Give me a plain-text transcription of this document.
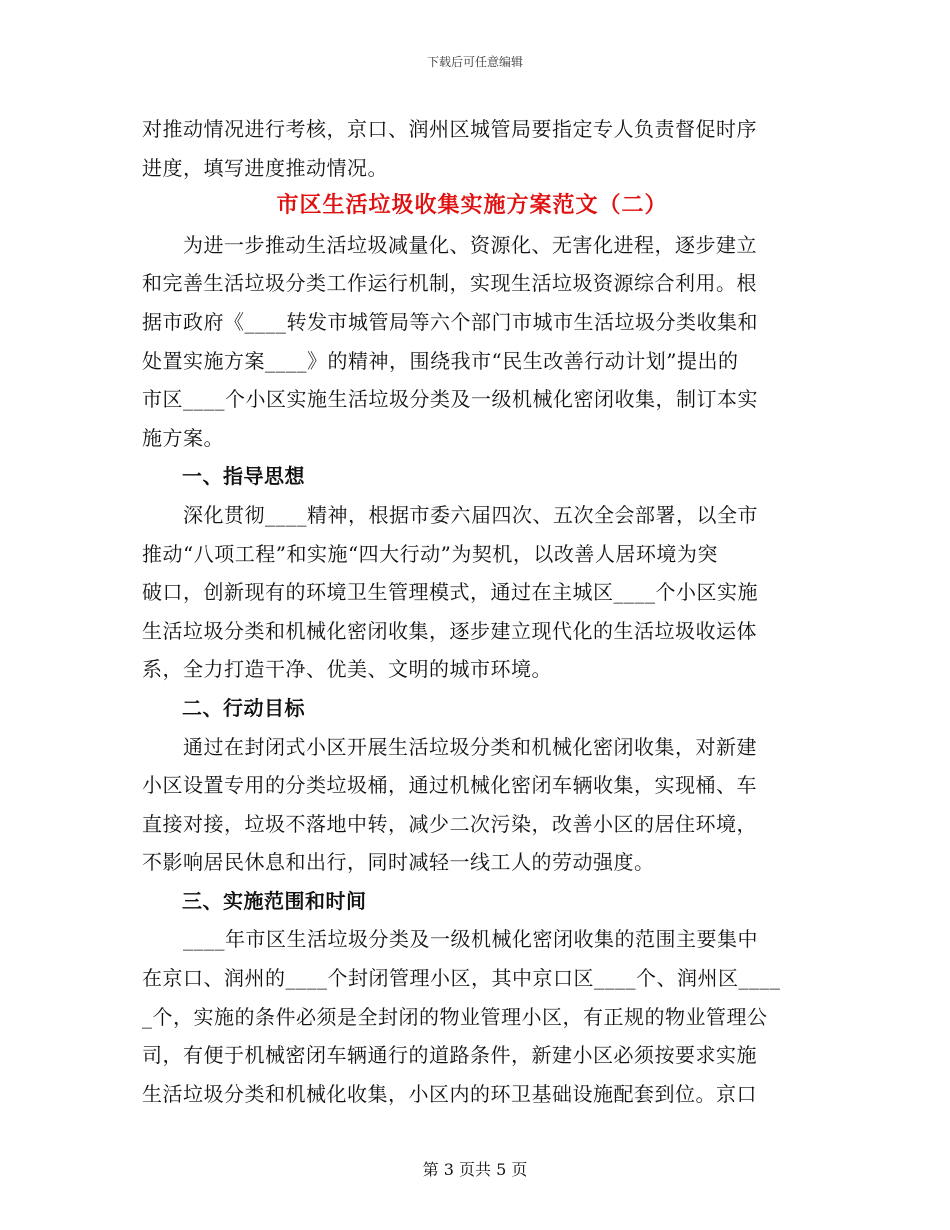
下载后可任意编辑
对推动情况进行考核，京口、润州区城管局要指定专人负责督促时序
进度，填写进度推动情况。
市区生活垃圾收集实施方案范文（二）
　　为进一步推动生活垃圾减量化、资源化、无害化进程，逐步建立
和完善生活垃圾分类工作运行机制，实现生活垃圾资源综合利用。根
据市政府《____转发市城管局等六个部门市城市生活垃圾分类收集和
处置实施方案____》的精神，围绕我市“民生改善行动计划”提出的
市区____个小区实施生活垃圾分类及一级机械化密闭收集，制订本实
施方案。
一、指导思想
　　深化贯彻____精神，根据市委六届四次、五次全会部署，以全市
推动“八项工程”和实施“四大行动”为契机，以改善人居环境为突
破口，创新现有的环境卫生管理模式，通过在主城区____个小区实施
生活垃圾分类和机械化密闭收集，逐步建立现代化的生活垃圾收运体
系，全力打造干净、优美、文明的城市环境。
二、行动目标
　　通过在封闭式小区开展生活垃圾分类和机械化密闭收集，对新建
小区设置专用的分类垃圾桶，通过机械化密闭车辆收集，实现桶、车
直接对接，垃圾不落地中转，减少二次污染，改善小区的居住环境，
不影响居民休息和出行，同时减轻一线工人的劳动强度。
三、实施范围和时间
　　____年市区生活垃圾分类及一级机械化密闭收集的范围主要集中
在京口、润州的____个封闭管理小区，其中京口区____个、润州区____
_个，实施的条件必须是全封闭的物业管理小区，有正规的物业管理公
司，有便于机械密闭车辆通行的道路条件，新建小区必须按要求实施
生活垃圾分类和机械化收集，小区内的环卫基础设施配套到位。京口
第 3 页共 5 页
